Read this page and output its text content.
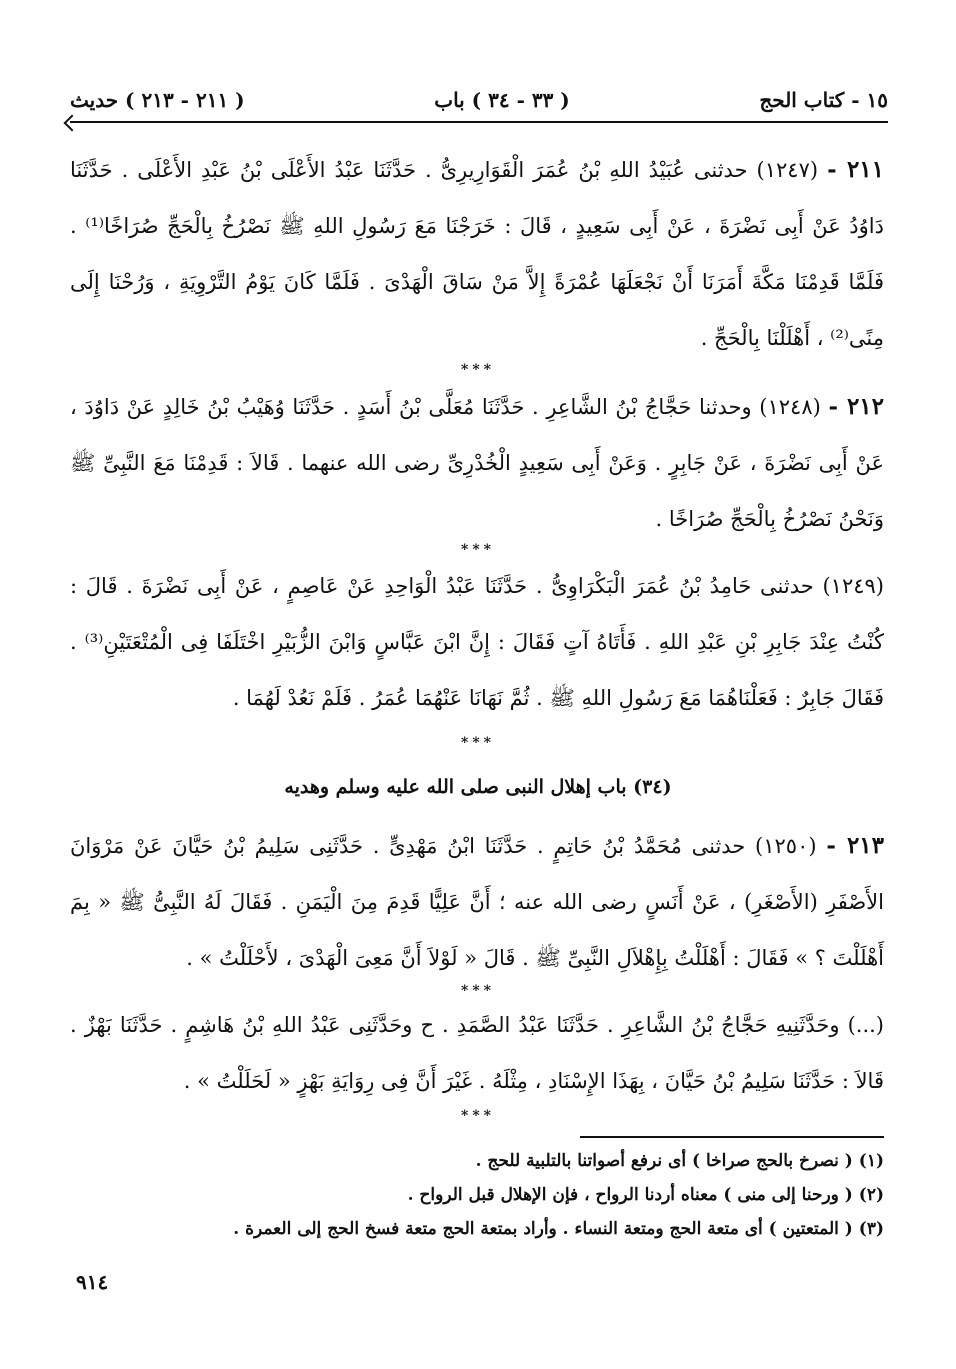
١٥ - كتاب الحج
( ٣٣ - ٣٤ ) باب
( ٢١١ - ٢١٣ ) حديث
٢١١ - (١٢٤٧) حدثنى عُبَيْدُ اللهِ بْنُ عُمَرَ الْقَوَارِيرِىُّ . حَدَّثَنَا عَبْدُ الأَعْلَى بْنُ عَبْدِ الأَعْلَى . حَدَّثَنَا دَاوُدُ عَنْ أَبِى نَضْرَةَ ، عَنْ أَبِى سَعِيدٍ ، قَالَ : خَرَجْنَا مَعَ رَسُولِ اللهِ ﷺ نَصْرُخُ بِالْحَجِّ صُرَاخًا⁽¹⁾ . فَلَمَّا قَدِمْنَا مَكَّةَ أَمَرَنَا أَنْ نَجْعَلَهَا عُمْرَةً إِلاَّ مَنْ سَاقَ الْهَدْىَ . فَلَمَّا كَانَ يَوْمُ التَّرْوِيَةِ ، وَرُحْنَا إِلَى مِنًى⁽²⁾ ، أَهْلَلْنَا بِالْحَجِّ .
***
٢١٢ - (١٢٤٨) وحدثنا حَجَّاجُ بْنُ الشَّاعِرِ . حَدَّثَنَا مُعَلَّى بْنُ أَسَدٍ . حَدَّثَنَا وُهَيْبُ بْنُ خَالِدٍ عَنْ دَاوُدَ ، عَنْ أَبِى نَضْرَةَ ، عَنْ جَابِرٍ . وَعَنْ أَبِى سَعِيدٍ الْخُدْرِىِّ رضى الله عنهما . قَالاَ : قَدِمْنَا مَعَ النَّبِىِّ ﷺ وَنَحْنُ نَصْرُخُ بِالْحَجِّ صُرَاخًا .
***
(١٢٤٩) حدثنى حَامِدُ بْنُ عُمَرَ الْبَكْرَاوِىُّ . حَدَّثَنَا عَبْدُ الْوَاحِدِ عَنْ عَاصِمٍ ، عَنْ أَبِى نَضْرَةَ . قَالَ : كُنْتُ عِنْدَ جَابِرِ بْنِ عَبْدِ اللهِ . فَأَتَاهُ آتٍ فَقَالَ : إِنَّ ابْنَ عَبَّاسٍ وَابْنَ الزُّبَيْرِ اخْتَلَفَا فِى الْمُتْعَتَيْنِ⁽³⁾ . فَقَالَ جَابِرٌ : فَعَلْنَاهُمَا مَعَ رَسُولِ اللهِ ﷺ . ثُمَّ نَهَانَا عَنْهُمَا عُمَرُ . فَلَمْ نَعُدْ لَهُمَا .
***
(٣٤) باب إهلال النبى صلى الله عليه وسلم وهديه
٢١٣ - (١٢٥٠) حدثنى مُحَمَّدُ بْنُ حَاتِمٍ . حَدَّثَنَا ابْنُ مَهْدِىٍّ . حَدَّثَنِى سَلِيمُ بْنُ حَيَّانَ عَنْ مَرْوَانَ الأَصْفَرِ (الأَصْغَرِ) ، عَنْ أَنَسٍ رضى الله عنه ؛ أَنَّ عَلِيًّا قَدِمَ مِنَ الْيَمَنِ . فَقَالَ لَهُ النَّبِىُّ ﷺ « بِمَ أَهْلَلْتَ ؟ » فَقَالَ : أَهْلَلْتُ بِإِهْلاَلِ النَّبِىِّ ﷺ . قَالَ « لَوْلاَ أَنَّ مَعِىَ الْهَدْىَ ، لأَحْلَلْتُ » .
***
(...) وحَدَّثَنِيهِ حَجَّاجُ بْنُ الشَّاعِرِ . حَدَّثَنَا عَبْدُ الصَّمَدِ . ح وحَدَّثَنِى عَبْدُ اللهِ بْنُ هَاشِمٍ . حَدَّثَنَا بَهْزٌ . قَالاَ : حَدَّثَنَا سَلِيمُ بْنُ حَيَّانَ ، بِهَذَا الإِسْنَادِ ، مِثْلَهُ . غَيْرَ أَنَّ فِى رِوَايَةِ بَهْزٍ « لَحَلَلْتُ » .
***
(١) ( نصرخ بالحج صراخا ) أى نرفع أصواتنا بالتلبية للحج .
(٢) ( ورحنا إلى منى ) معناه أردنا الرواح ، فإن الإهلال قبل الرواح .
(٣) ( المتعتين ) أى متعة الحج ومتعة النساء . وأراد بمتعة الحج متعة فسخ الحج إلى العمرة .
٩١٤
